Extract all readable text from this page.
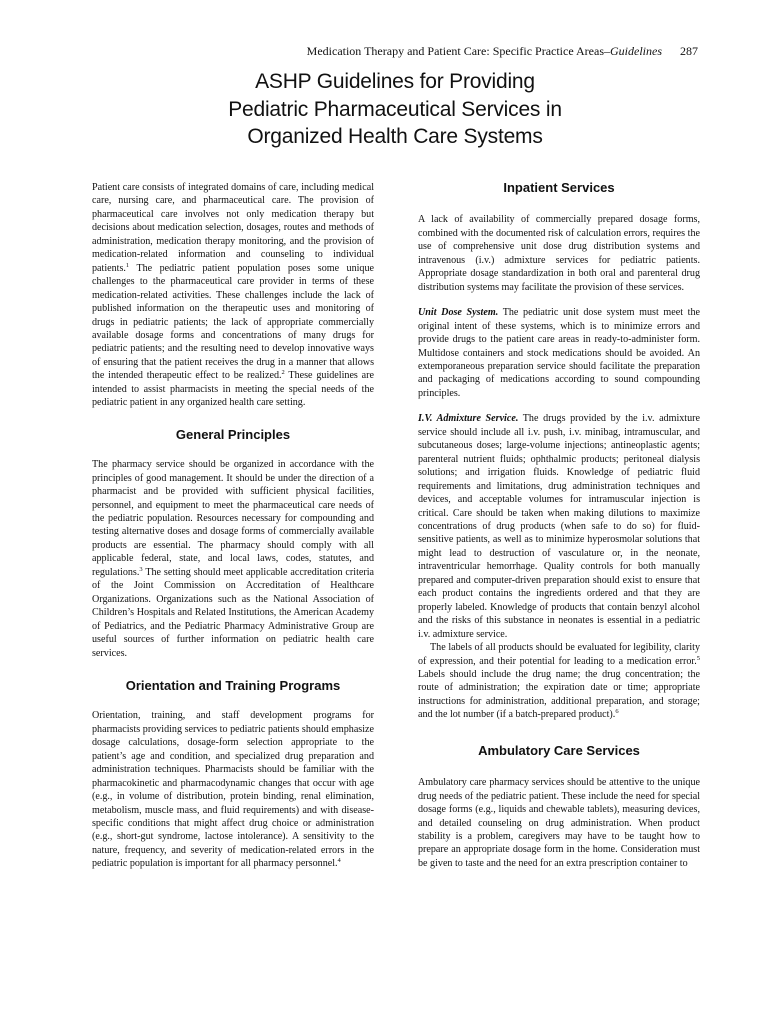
Medication Therapy and Patient Care: Specific Practice Areas–Guidelines 287
ASHP Guidelines for Providing
Pediatric Pharmaceutical Services in
Organized Health Care Systems

Patient care consists of integrated domains of care, including medical care, nursing care, and pharmaceutical care. The provision of pharmaceutical care involves not only medication therapy but decisions about medication selection, dosages, routes and methods of administration, medication therapy monitoring, and the provision of medication-related information and counseling to individual patients.$^1$ The pediatric patient population poses some unique challenges to the pharmaceutical care provider in terms of these medication-related activities. These challenges include the lack of published information on the therapeutic uses and monitoring of drugs in pediatric patients; the lack of appropriate commercially available dosage forms and concentrations of many drugs for pediatric patients; and the resulting need to develop innovative ways of ensuring that the patient receives the drug in a manner that allows the intended therapeutic effect to be realized.$^2$ These guidelines are intended to assist pharmacists in meeting the special needs of the pediatric patient in any organized health care setting.

General Principles

The pharmacy service should be organized in accordance with the principles of good management. It should be under the direction of a pharmacist and be provided with sufficient physical facilities, personnel, and equipment to meet the pharmaceutical care needs of the pediatric population. Resources necessary for compounding and testing alternative doses and dosage forms of commercially available products are essential. The pharmacy should comply with all applicable federal, state, and local laws, codes, statutes, and regulations.$^3$ The setting should meet applicable accreditation criteria of the Joint Commission on Accreditation of Healthcare Organizations. Organizations such as the National Association of Children’s Hospitals and Related Institutions, the American Academy of Pediatrics, and the Pediatric Pharmacy Administrative Group are useful sources of further information on pediatric health care services.

Orientation and Training Programs

Orientation, training, and staff development programs for pharmacists providing services to pediatric patients should emphasize dosage calculations, dosage-form selection appropriate to the patient’s age and condition, and specialized drug preparation and administration techniques. Pharmacists should be familiar with the pharmacokinetic and pharmacodynamic changes that occur with age (e.g., in volume of distribution, protein binding, renal elimination, metabolism, muscle mass, and fluid requirements) and with disease-specific conditions that might affect drug choice or administration (e.g., short-gut syndrome, lactose intolerance). A sensitivity to the nature, frequency, and severity of medication-related errors in the pediatric population is important for all pharmacy personnel.$^4$

Inpatient Services

A lack of availability of commercially prepared dosage forms, combined with the documented risk of calculation errors, requires the use of comprehensive unit dose drug distribution systems and intravenous (i.v.) admixture services for pediatric patients. Appropriate dosage standardization in both oral and parenteral drug distribution systems may facilitate the provision of these services.

Unit Dose System. The pediatric unit dose system must meet the original intent of these systems, which is to minimize errors and provide drugs to the patient care areas in ready-to-administer form. Multidose containers and stock medications should be avoided. An extemporaneous preparation service should facilitate the preparation and packaging of medications according to sound compounding principles.

I.V. Admixture Service. The drugs provided by the i.v. admixture service should include all i.v. push, i.v. minibag, intramuscular, and subcutaneous doses; large-volume injections; antineoplastic agents; parenteral nutrient fluids; ophthalmic products; peritoneal dialysis solutions; and irrigation fluids. Knowledge of pediatric fluid requirements and limitations, drug administration techniques and devices, and acceptable volumes for intramuscular injection is critical. Care should be taken when making dilutions to maximize concentrations of drug products (when safe to do so) for fluid-sensitive patients, as well as to minimize hyperosmolar solutions that might lead to destruction of vasculature or, in the neonate, intraventricular hemorrhage. Quality controls for both manually prepared and computer-driven preparation should exist to ensure that each product contains the ingredients ordered and that they are properly labeled. Knowledge of products that contain benzyl alcohol and the risks of this substance in neonates is essential in a pediatric i.v. admixture service.

The labels of all products should be evaluated for legibility, clarity of expression, and their potential for leading to a medication error.$^5$ Labels should include the drug name; the drug concentration; the route of administration; the expiration date or time; appropriate instructions for administration, additional preparation, and storage; and the lot number (if a batch-prepared product).$^6$

Ambulatory Care Services

Ambulatory care pharmacy services should be attentive to the unique drug needs of the pediatric patient. These include the need for special dosage forms (e.g., liquids and chewable tablets), measuring devices, and detailed counseling on drug administration. When product stability is a problem, caregivers may have to be taught how to prepare an appropriate dosage form in the home. Consideration must be given to taste and the need for an extra prescription container to
